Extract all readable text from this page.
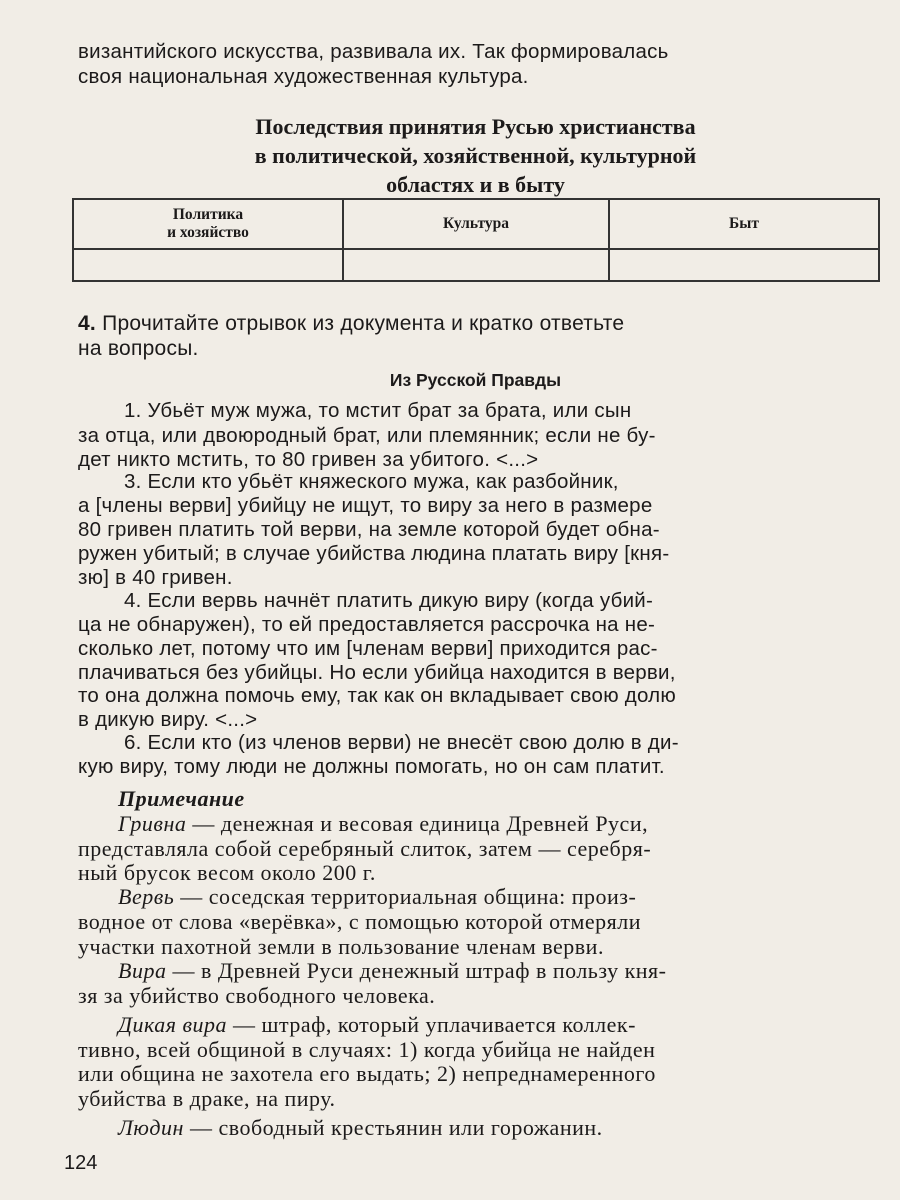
византийского искусства, развивала их. Так формировалась
своя национальная художественная культура.
Последствия принятия Русью христианства
в политической, хозяйственной, культурной
областях и в быту
Политика
и хозяйство	Культура	Быт

4. Прочитайте отрывок из документа и кратко ответьте
на вопросы.
Из Русской Правды
1. Убьёт муж мужа, то мстит брат за брата, или сын
за отца, или двоюродный брат, или племянник; если не бу-
дет никто мстить, то 80 гривен за убитого. <...>
3. Если кто убьёт княжеского мужа, как разбойник,
а [члены верви] убийцу не ищут, то виру за него в размере
80 гривен платить той верви, на земле которой будет обна-
ружен убитый; в случае убийства людина платать виру [кня-
зю] в 40 гривен.
4. Если вервь начнёт платить дикую виру (когда убий-
ца не обнаружен), то ей предоставляется рассрочка на не-
сколько лет, потому что им [членам верви] приходится рас-
плачиваться без убийцы. Но если убийца находится в верви,
то она должна помочь ему, так как он вкладывает свою долю
в дикую виру. <...>
6. Если кто (из членов верви) не внесёт свою долю в ди-
кую виру, тому люди не должны помогать, но он сам платит.
Примечание
Гривна — денежная и весовая единица Древней Руси,
представляла собой серебряный слиток, затем — серебря-
ный брусок весом около 200 г.
Вервь — соседская территориальная община: произ-
водное от слова «верёвка», с помощью которой отмеряли
участки пахотной земли в пользование членам верви.
Вира — в Древней Руси денежный штраф в пользу кня-
зя за убийство свободного человека.
Дикая вира — штраф, который уплачивается коллек-
тивно, всей общиной в случаях: 1) когда убийца не найден
или община не захотела его выдать; 2) непреднамеренного
убийства в драке, на пиру.
Людин — свободный крестьянин или горожанин.
124
